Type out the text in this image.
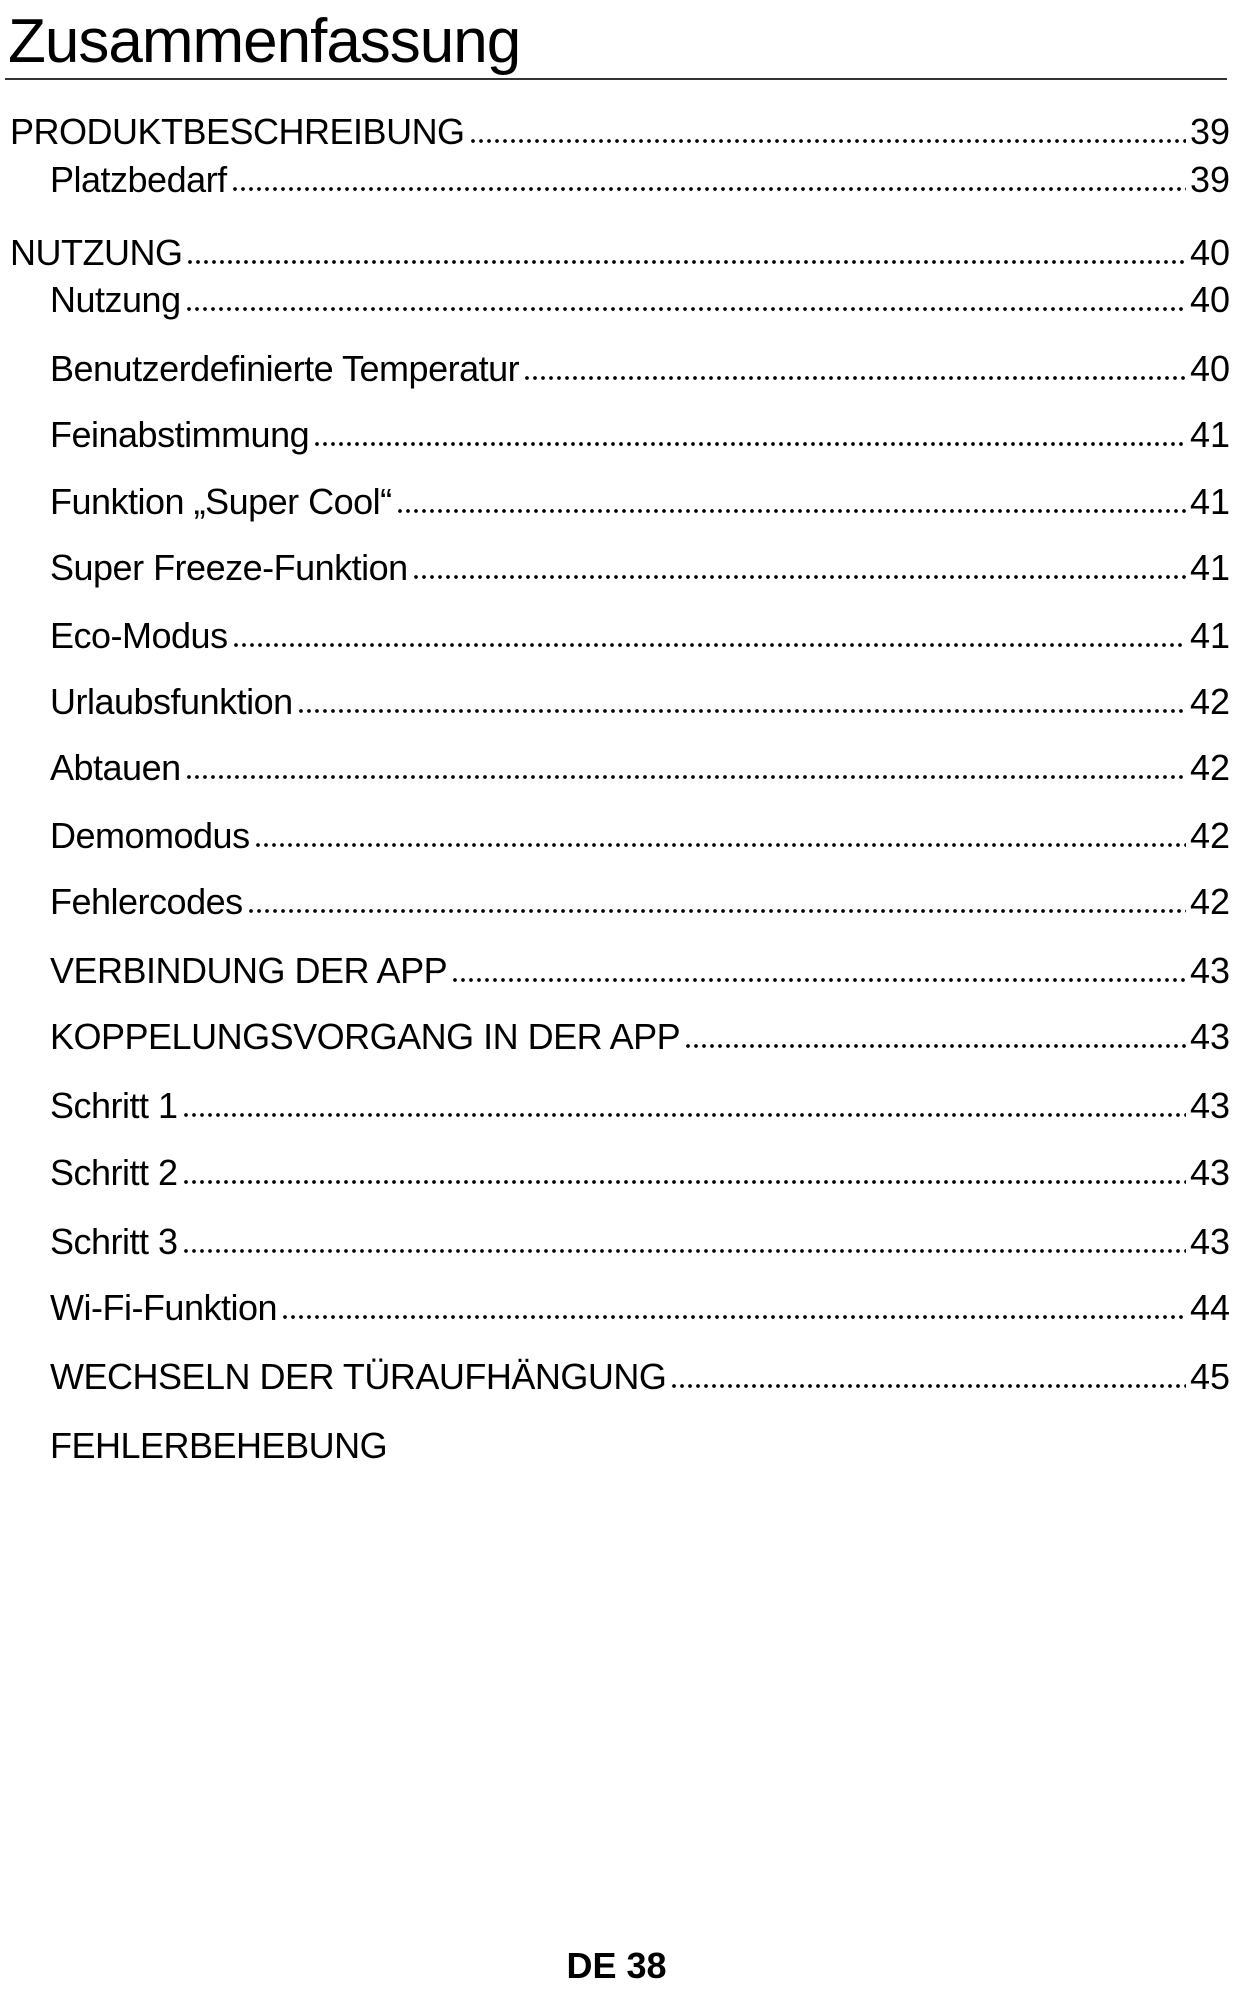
Zusammenfassung
PRODUKTBESCHREIBUNG	39
Platzbedarf	39
NUTZUNG	40
Nutzung	40
Benutzerdefinierte Temperatur	40
Feinabstimmung	41
Funktion „Super Cool“	41
Super Freeze-Funktion	41
Eco-Modus	41
Urlaubsfunktion	42
Abtauen	42
Demomodus	42
Fehlercodes	42
VERBINDUNG DER APP	43
KOPPELUNGSVORGANG IN DER APP	43
Schritt 1	43
Schritt 2	43
Schritt 3	43
Wi-Fi-Funktion	44
WECHSELN DER TÜRAUFHÄNGUNG	45
FEHLERBEHEBUNG
DE 38
